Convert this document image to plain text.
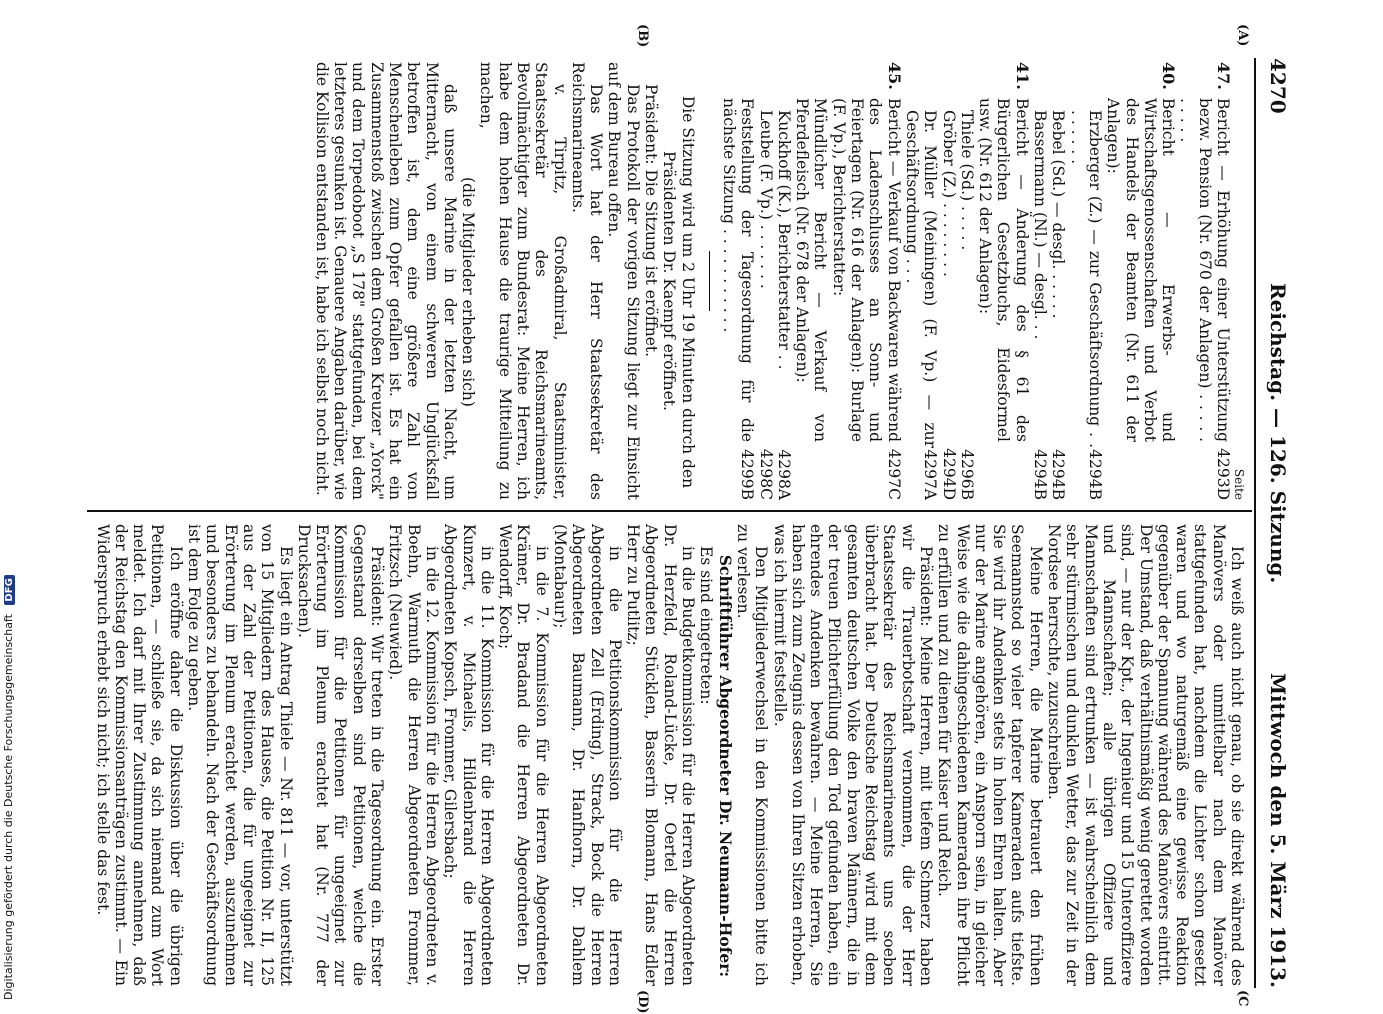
4270
Reichstag. — 126. Sitzung.
Mittwoch den 5. März 1913.
(A)
(B)
(C
(D)
Seite
47.
Bericht — Erhöhung einer Unterstützung bezw. Pension (Nr. 670 der Anlagen) . . . . . . . . . .
4293D
40.
Bericht — Erwerbs- und Wirtschaftsgenossenschaften und Verbot des Handels der Beamten (Nr. 611 der Anlagen):
Erzberger (Z.) — zur Geschäftsordnung . . . . . . . .
4294B
Bebel (Sd.) — desgl. . . . . .
4294B
Bassermann (Nl.) — desgl. . .
4294B
41.
Bericht — Änderung des § 61 des Bürgerlichen Gesetzbuchs, Eidesformel usw. (Nr. 612 der Anlagen):
Thiele (Sd.) . . . . .
4296B
Gröber (Z.) . . . . . . . .
4294D
Dr. Müller (Meiningen) (F. Vp.) — zur Geschäftsordnung . . .
4297A
45.
Bericht — Verkauf von Backwaren während des Ladenschlusses an Sonn- und Feiertagen (Nr. 616 der Anlagen): Burlage (F. Vp.), Berichterstatter:
4297C
Mündlicher Bericht — Verkauf von Pferdefleisch (Nr. 678 der Anlagen):
Kuckhoff (K.), Berichterstatter . .
4298A
Leube (F. Vp.) . . . . . . .
4298C
Feststellung der Tagesordnung für die nächste Sitzung . . . . . . . . . . .
4299B

Die Sitzung wird um 2 Uhr 19 Minuten durch den Präsidenten Dr. Kaempf eröffnet.

Präsident: Die Sitzung ist eröffnet.

Das Protokoll der vorigen Sitzung liegt zur Einsicht auf dem Bureau offen.

Das Wort hat der Herr Staatssekretär des Reichsmarineamts.

v. Tirpitz, Großadmiral, Staatsminister, Staatssekretär des Reichsmarineamts, Bevollmächtigter zum Bundesrat: Meine Herren, ich habe dem hohen Hause die traurige Mitteilung zu machen,

(die Mitglieder erheben sich)

daß unsere Marine in der letzten Nacht, um Mitternacht, von einem schweren Unglücksfall betroffen ist, dem eine größere Zahl von Menschenleben zum Opfer gefallen ist. Es hat ein Zusammenstoß zwischen dem Großen Kreuzer „Yorck" und dem Torpedoboot „S 178" stattgefunden, bei dem letzteres gesunken ist. Genauere Angaben darüber, wie die Kollision entstanden ist, habe ich selbst noch nicht.

Ich weiß auch nicht genau, ob sie direkt während des Manövers oder unmittelbar nach dem Manöver stattgefunden hat, nachdem die Lichter schon gesetzt waren und wo naturgemäß eine gewisse Reaktion gegenüber der Spannung während des Manövers eintritt. Der Umstand, daß verhältnismäßig wenig gerettet worden sind, — nur der Kpt., der Ingenieur und 15 Unteroffiziere und Mannschaften; alle übrigen Offiziere und Mannschaften sind ertrunken — ist wahrscheinlich dem sehr stürmischen und dunklen Wetter, das zur Zeit in der Nordsee herrschte, zuzuschreiben.

Meine Herren, die Marine betrauert den frühen Seemannstod so vieler tapferer Kameraden aufs tiefste. Sie wird ihr Andenken stets in hohen Ehren halten. Aber nur der Marine angehören, ein Ansporn sein, in gleicher Weise wie die dahingeschiedenen Kameraden ihre Pflicht zu erfüllen und zu dienen für Kaiser und Reich.

Präsident: Meine Herren, mit tiefem Schmerz haben wir die Trauerbotschaft vernommen, die der Herr Staatssekretär des Reichsmarineamts uns soeben überbracht hat. Der Deutsche Reichstag wird mit dem gesamten deutschen Volke den braven Männern, die in der treuen Pflichterfüllung den Tod gefunden haben, ein ehrendes Andenken bewahren. — Meine Herren, Sie haben sich zum Zeugnis dessen von Ihren Sitzen erhoben, was ich hiermit feststelle.

Den Mitgliederwechsel in den Kommissionen bitte ich zu verlesen.

Schriftführer Abgeordneter Dr. Neumann-Hofer:

Es sind eingetreten:

in die Budgetkommission für die Herren Abgeordneten Dr. Herzfeld, Roland-Lücke, Dr. Oertel die Herren Abgeordneten Stücklen, Basserin Blomann, Hans Edler Herr zu Putlitz;

in die Petitionskommission für die Herren Abgeordneten Zell (Erding), Strack, Bock die Herren Abgeordneten Baumann, Dr. Hanfhorn, Dr. Dahlem (Montabaur);

in die 7. Kommission für die Herren Abgeordneten Krämer, Dr. Bradand die Herren Abgeordneten Dr. Wendorff, Koch;

in die 11. Kommission für die Herren Abgeordneten Kunzert, v. Michaelis, Hildenbrand die Herren Abgeordneten Kopsch, Frommer, Gilersbach;

in die 12. Kommission für die Herren Abgeordneten v. Boehn, Warmuth die Herren Abgeordneten Frommer, Fritzsch (Neuwied).

Präsident: Wir treten in die Tagesordnung ein. Erster Gegenstand derselben sind Petitionen, welche die Kommission für die Petitionen für ungeeignet zur Erörterung im Plenum erachtet hat (Nr. 777 der Drucksachen).

Es liegt ein Antrag Thiele — Nr. 811 — vor, unterstützt von 15 Mitgliedern des Hauses, die Petition Nr. II, 125 aus der Zahl der Petitionen, die für ungeeignet zur Erörterung im Plenum erachtet werden, auszunehmen und besonders zu behandeln. Nach der Geschäftsordnung ist dem Folge zu geben.

Ich eröffne daher die Diskussion über die übrigen Petitionen, — schließe sie, da sich niemand zum Wort meldet. Ich darf mit Ihrer Zustimmung annehmen, daß der Reichstag den Kommissionsanträgen zustimmt. — Ein Widerspruch erhebt sich nicht; ich stelle das fest.

Digitalisierung gefördert durch die Deutsche Forschungsgemeinschaft DFG
